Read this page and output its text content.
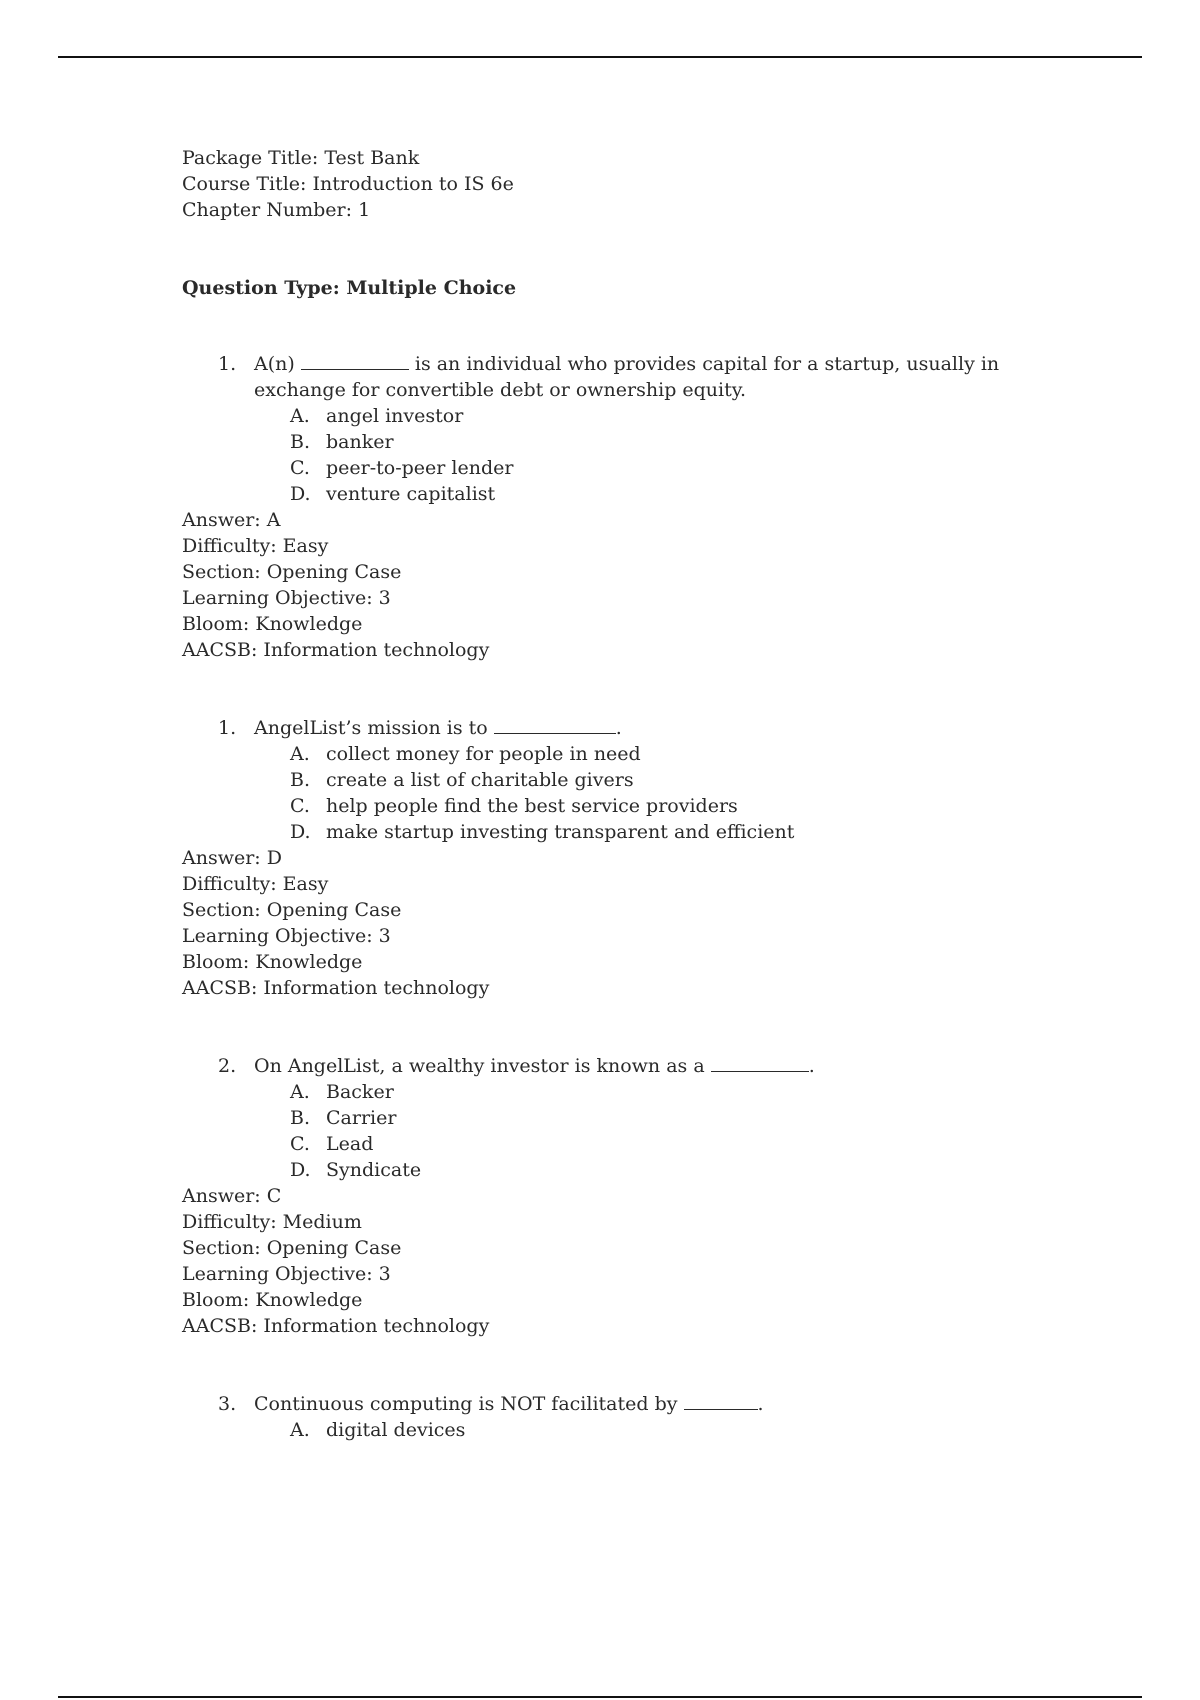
Package Title: Test Bank
Course Title: Introduction to IS 6e
Chapter Number: 1
Question Type: Multiple Choice
1. A(n)	is an individual who provides capital for a startup, usually in exchange for convertible debt or ownership equity.
A. angel investor
B. banker
C. peer-to-peer lender
D. venture capitalist
Answer: A
Difficulty: Easy
Section: Opening Case
Learning Objective: 3
Bloom: Knowledge
AACSB: Information technology
1. AngelList’s mission is to	.
A. collect money for people in need
B. create a list of charitable givers
C. help people find the best service providers
D. make startup investing transparent and efficient
Answer: D
Difficulty: Easy
Section: Opening Case
Learning Objective: 3
Bloom: Knowledge
AACSB: Information technology
2. On AngelList, a wealthy investor is known as a	.
A. Backer
B. Carrier
C. Lead
D. Syndicate
Answer: C
Difficulty: Medium
Section: Opening Case
Learning Objective: 3
Bloom: Knowledge
AACSB: Information technology
3. Continuous computing is NOT facilitated by	.
A. digital devices
